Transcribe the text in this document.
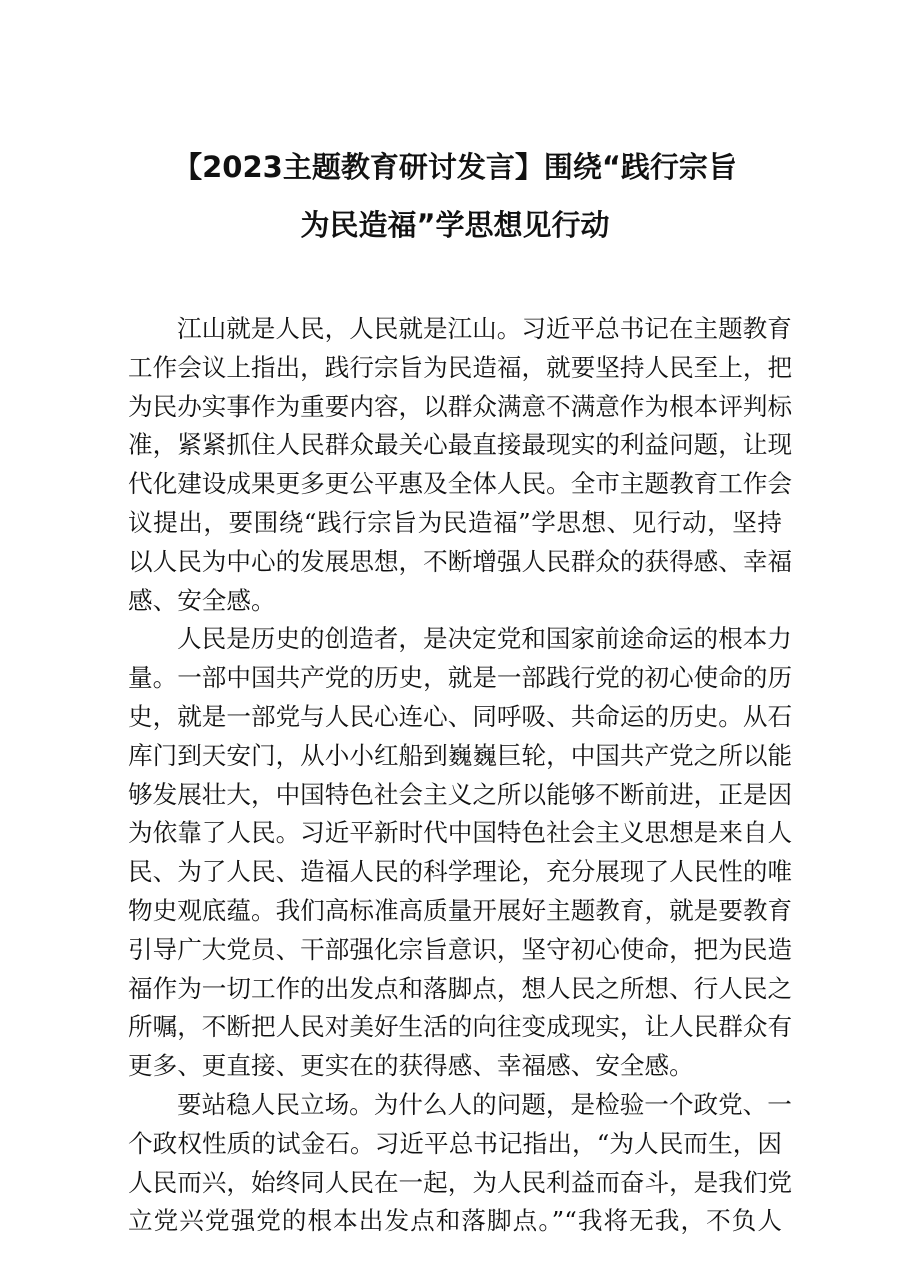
【2023主题教育研讨发言】围绕“践行宗旨
为民造福”学思想见行动
江山就是人民，人民就是江山。习近平总书记在主题教育
工作会议上指出，践行宗旨为民造福，就要坚持人民至上，把
为民办实事作为重要内容，以群众满意不满意作为根本评判标
准，紧紧抓住人民群众最关心最直接最现实的利益问题，让现
代化建设成果更多更公平惠及全体人民。全市主题教育工作会
议提出，要围绕“践行宗旨为民造福”学思想、见行动，坚持
以人民为中心的发展思想，不断增强人民群众的获得感、幸福
感、安全感。
人民是历史的创造者，是决定党和国家前途命运的根本力
量。一部中国共产党的历史，就是一部践行党的初心使命的历
史，就是一部党与人民心连心、同呼吸、共命运的历史。从石
库门到天安门，从小小红船到巍巍巨轮，中国共产党之所以能
够发展壮大，中国特色社会主义之所以能够不断前进，正是因
为依靠了人民。习近平新时代中国特色社会主义思想是来自人
民、为了人民、造福人民的科学理论，充分展现了人民性的唯
物史观底蕴。我们高标准高质量开展好主题教育，就是要教育
引导广大党员、干部强化宗旨意识，坚守初心使命，把为民造
福作为一切工作的出发点和落脚点，想人民之所想、行人民之
所嘱，不断把人民对美好生活的向往变成现实，让人民群众有
更多、更直接、更实在的获得感、幸福感、安全感。
要站稳人民立场。为什么人的问题，是检验一个政党、一
个政权性质的试金石。习近平总书记指出，“为人民而生，因
人民而兴，始终同人民在一起，为人民利益而奋斗，是我们党
立党兴党强党的根本出发点和落脚点。”“我将无我，不负人
